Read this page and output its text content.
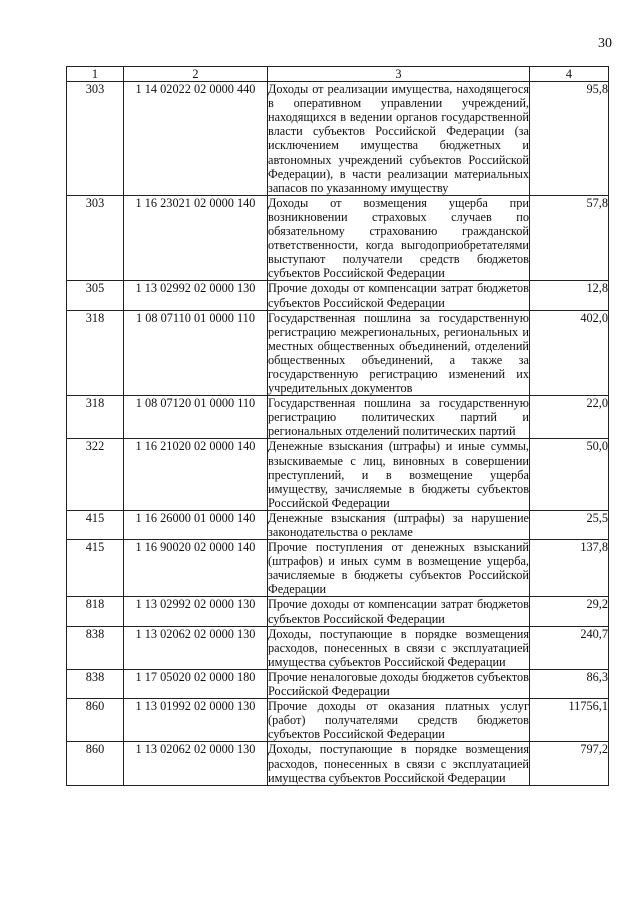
30
1	2	3	4
303	1 14 02022 02 0000 440	Доходы от реализации имущества, находящегося в оперативном управлении учреждений, находящихся в ведении органов государственной власти субъектов Российской Федерации (за исключением имущества бюджетных и автономных учреждений субъектов Российской Федерации), в части реализации материальных запасов по указанному имуществу	95,8
303	1 16 23021 02 0000 140	Доходы от возмещения ущерба при возникновении страховых случаев по обязательному страхованию гражданской ответственности, когда выгодоприобретателями выступают получатели средств бюджетов субъектов Российской Федерации	57,8
305	1 13 02992 02 0000 130	Прочие доходы от компенсации затрат бюджетов субъектов Российской Федерации	12,8
318	1 08 07110 01 0000 110	Государственная пошлина за государственную регистрацию межрегиональных, региональных и местных общественных объединений, отделений общественных объединений, а также за государственную регистрацию изменений их учредительных документов	402,0
318	1 08 07120 01 0000 110	Государственная пошлина за государственную регистрацию политических партий и региональных отделений политических партий	22,0
322	1 16 21020 02 0000 140	Денежные взыскания (штрафы) и иные суммы, взыскиваемые с лиц, виновных в совершении преступлений, и в возмещение ущерба имуществу, зачисляемые в бюджеты субъектов Российской Федерации	50,0
415	1 16 26000 01 0000 140	Денежные взыскания (штрафы) за нарушение законодательства о рекламе	25,5
415	1 16 90020 02 0000 140	Прочие поступления от денежных взысканий (штрафов) и иных сумм в возмещение ущерба, зачисляемые в бюджеты субъектов Российской Федерации	137,8
818	1 13 02992 02 0000 130	Прочие доходы от компенсации затрат бюджетов субъектов Российской Федерации	29,2
838	1 13 02062 02 0000 130	Доходы, поступающие в порядке возмещения расходов, понесенных в связи с эксплуатацией имущества субъектов Российской Федерации	240,7
838	1 17 05020 02 0000 180	Прочие неналоговые доходы бюджетов субъектов Российской Федерации	86,3
860	1 13 01992 02 0000 130	Прочие доходы от оказания платных услуг (работ) получателями средств бюджетов субъектов Российской Федерации	11756,1
860	1 13 02062 02 0000 130	Доходы, поступающие в порядке возмещения расходов, понесенных в связи с эксплуатацией имущества субъектов Российской Федерации	797,2
